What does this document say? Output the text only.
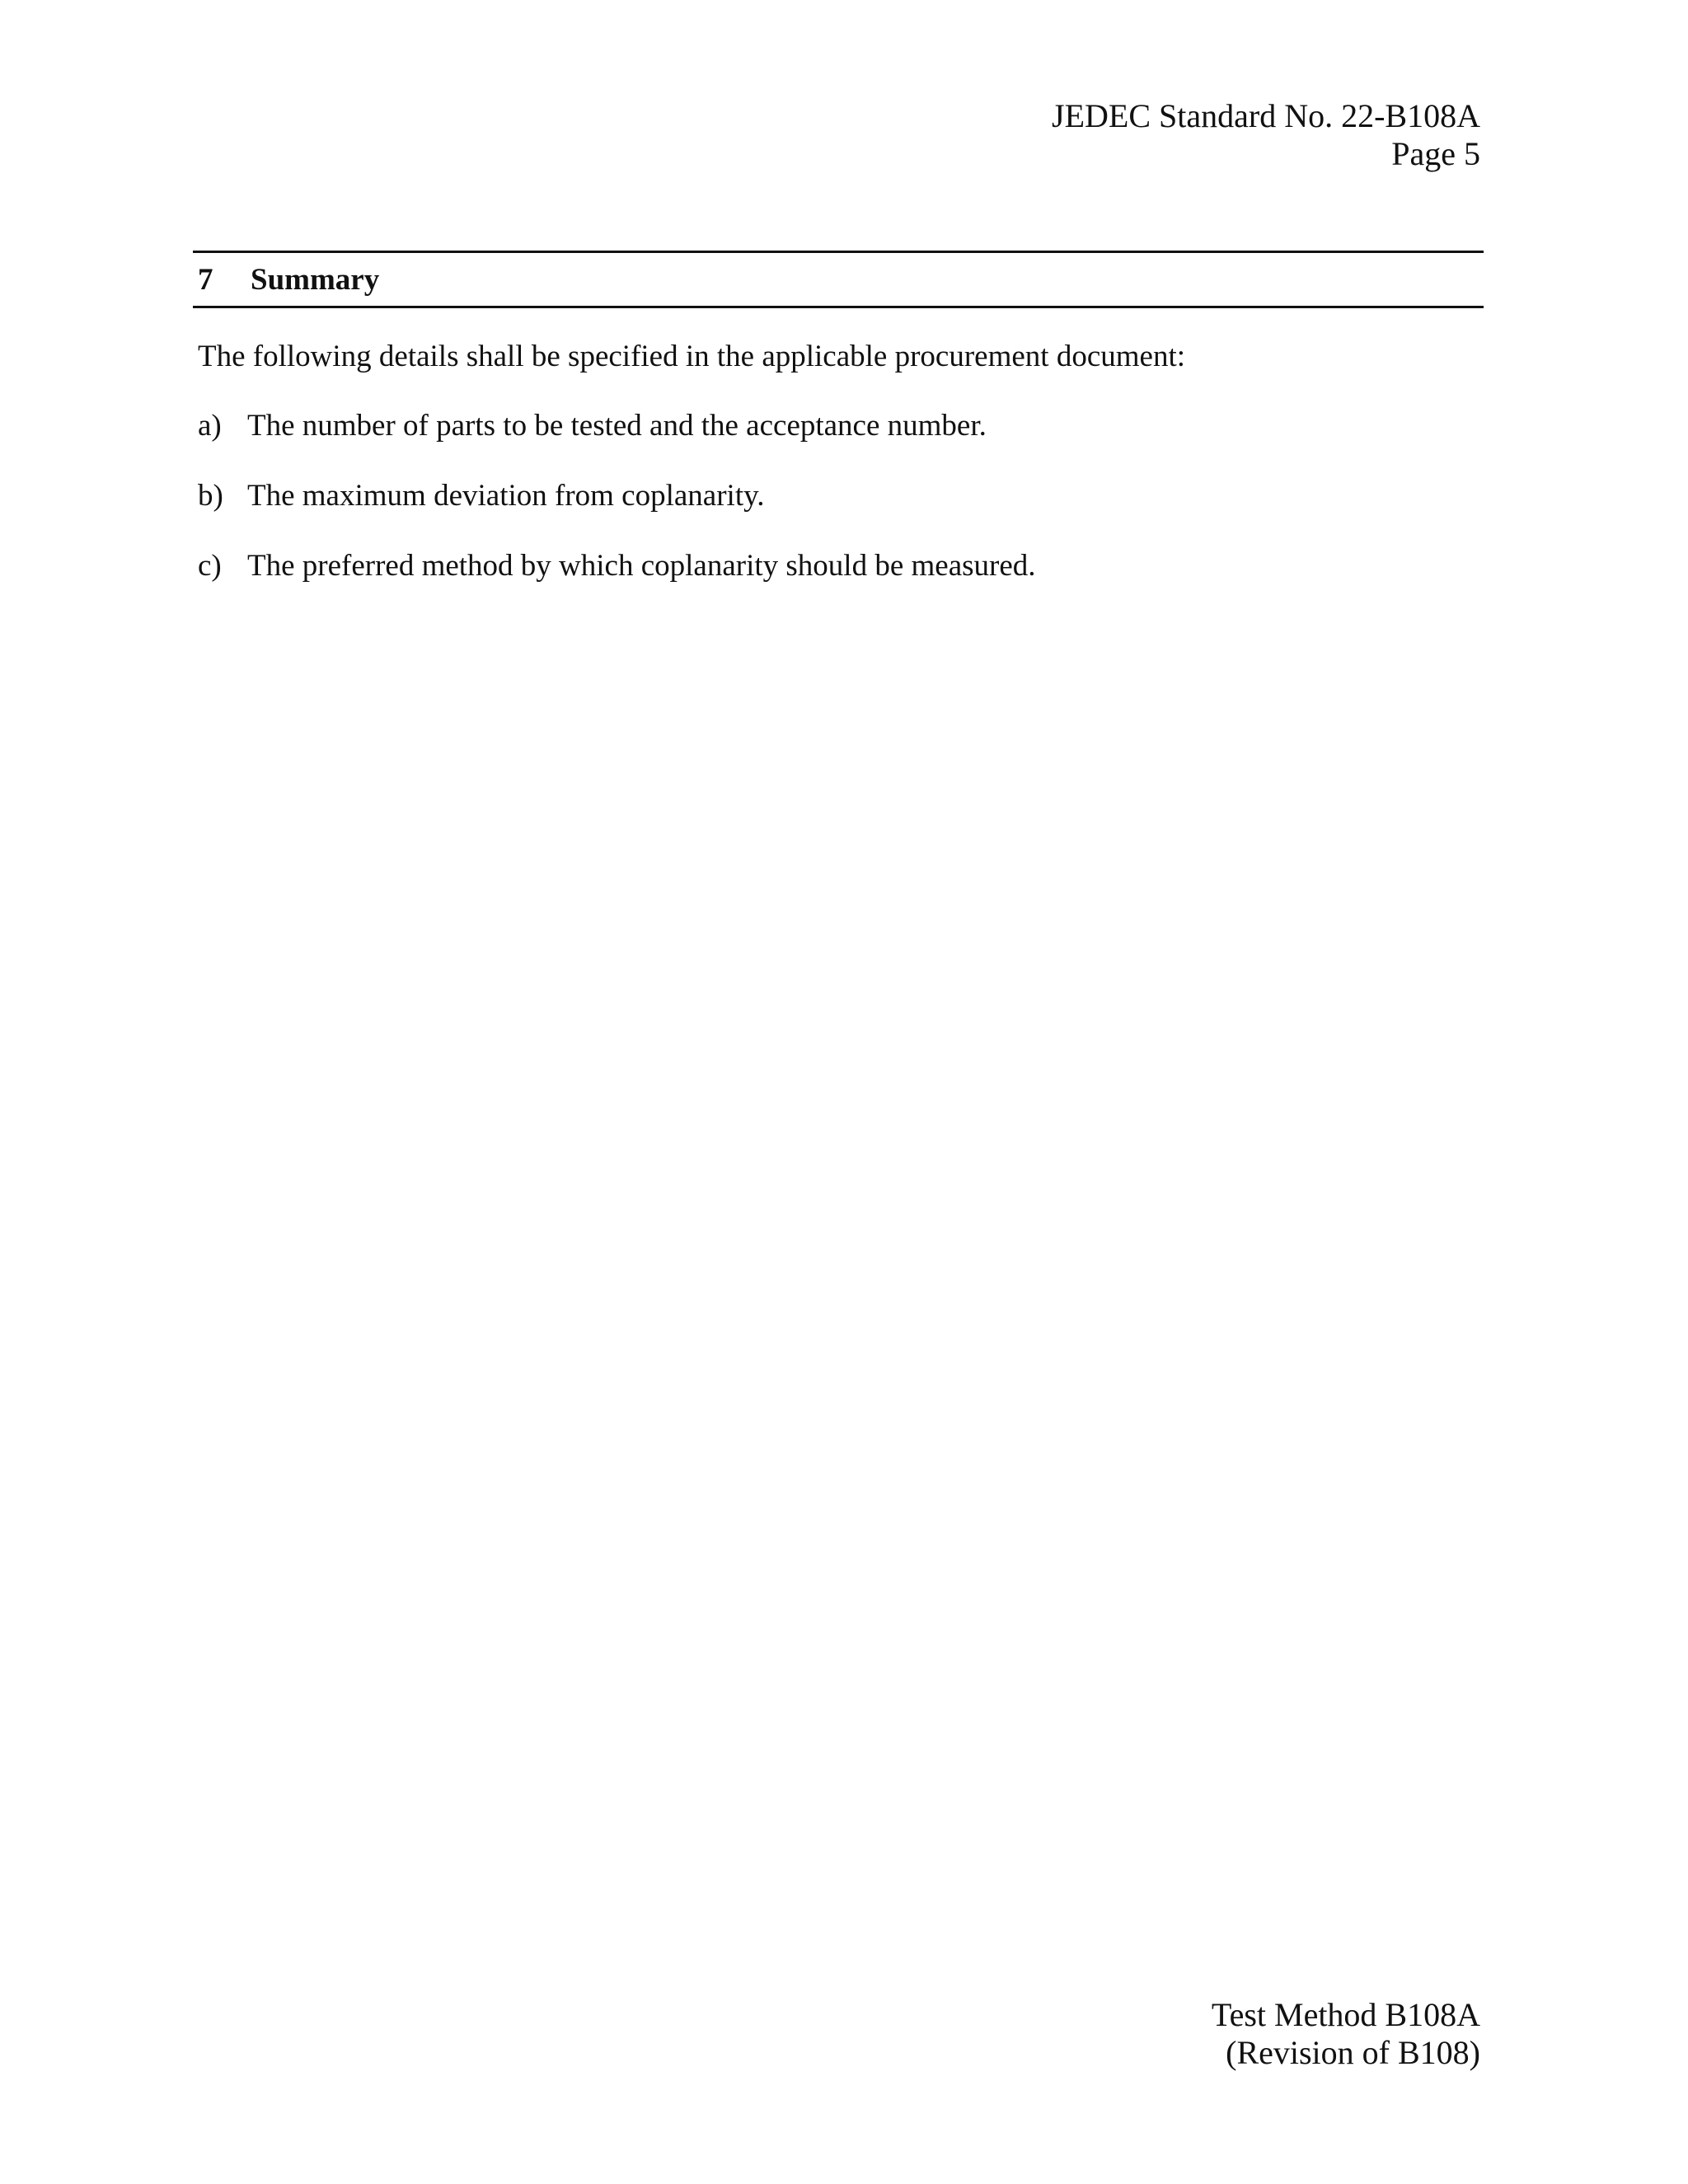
JEDEC Standard No. 22-B108A
Page 5
7	Summary
The following details shall be specified in the applicable procurement document:
a) The number of parts to be tested and the acceptance number.
b) The maximum deviation from coplanarity.
c) The preferred method by which coplanarity should be measured.
Test Method B108A
(Revision of B108)
